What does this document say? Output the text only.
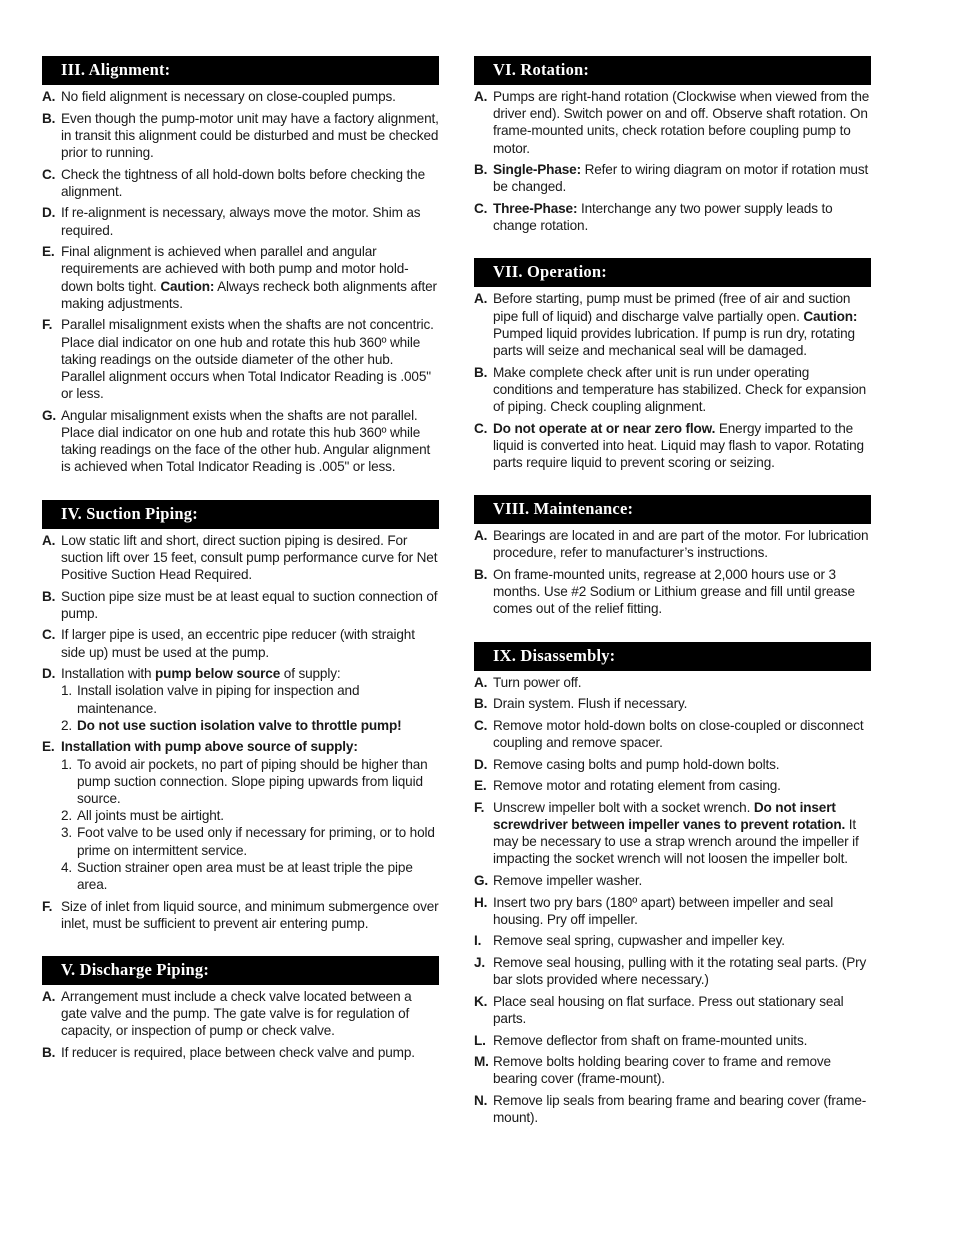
III. Alignment:
A. No field alignment is necessary on close-coupled pumps.
B. Even though the pump-motor unit may have a factory alignment, in transit this alignment could be disturbed and must be checked prior to running.
C. Check the tightness of all hold-down bolts before checking the alignment.
D. If re-alignment is necessary, always move the motor. Shim as required.
E. Final alignment is achieved when parallel and angular requirements are achieved with both pump and motor hold-down bolts tight. Caution: Always recheck both alignments after making adjustments.
F. Parallel misalignment exists when the shafts are not concentric. Place dial indicator on one hub and rotate this hub 360º while taking readings on the outside diameter of the other hub. Parallel alignment occurs when Total Indicator Reading is .005" or less.
G. Angular misalignment exists when the shafts are not parallel. Place dial indicator on one hub and rotate this hub 360º while taking readings on the face of the other hub. Angular alignment is achieved when Total Indicator Reading is .005" or less.
IV. Suction Piping:
A. Low static lift and short, direct suction piping is desired. For suction lift over 15 feet, consult pump performance curve for Net Positive Suction Head Required.
B. Suction pipe size must be at least equal to suction connection of pump.
C. If larger pipe is used, an eccentric pipe reducer (with straight side up) must be used at the pump.
D. Installation with pump below source of supply:
1. Install isolation valve in piping for inspection and maintenance.
2. Do not use suction isolation valve to throttle pump!
E. Installation with pump above source of supply:
1. To avoid air pockets, no part of piping should be higher than pump suction connection. Slope piping upwards from liquid source.
2. All joints must be airtight.
3. Foot valve to be used only if necessary for priming, or to hold prime on intermittent service.
4. Suction strainer open area must be at least triple the pipe area.
F. Size of inlet from liquid source, and minimum submergence over inlet, must be sufficient to prevent air entering pump.
V. Discharge Piping:
A. Arrangement must include a check valve located between a gate valve and the pump. The gate valve is for regulation of capacity, or inspection of pump or check valve.
B. If reducer is required, place between check valve and pump.
VI. Rotation:
A. Pumps are right-hand rotation (Clockwise when viewed from the driver end). Switch power on and off. Observe shaft rotation. On frame-mounted units, check rotation before coupling pump to motor.
B. Single-Phase: Refer to wiring diagram on motor if rotation must be changed.
C. Three-Phase: Interchange any two power supply leads to change rotation.
VII. Operation:
A. Before starting, pump must be primed (free of air and suction pipe full of liquid) and discharge valve partially open. Caution: Pumped liquid provides lubrication. If pump is run dry, rotating parts will seize and mechanical seal will be damaged.
B. Make complete check after unit is run under operating conditions and temperature has stabilized. Check for expansion of piping. Check coupling alignment.
C. Do not operate at or near zero flow. Energy imparted to the liquid is converted into heat. Liquid may flash to vapor. Rotating parts require liquid to prevent scoring or seizing.
VIII. Maintenance:
A. Bearings are located in and are part of the motor. For lubrication procedure, refer to manufacturer’s instructions.
B. On frame-mounted units, regrease at 2,000 hours use or 3 months. Use #2 Sodium or Lithium grease and fill until grease comes out of the relief fitting.
IX. Disassembly:
A. Turn power off.
B. Drain system. Flush if necessary.
C. Remove motor hold-down bolts on close-coupled or disconnect coupling and remove spacer.
D. Remove casing bolts and pump hold-down bolts.
E. Remove motor and rotating element from casing.
F. Unscrew impeller bolt with a socket wrench. Do not insert screwdriver between impeller vanes to prevent rotation. It may be necessary to use a strap wrench around the impeller if impacting the socket wrench will not loosen the impeller bolt.
G. Remove impeller washer.
H. Insert two pry bars (180º apart) between impeller and seal housing. Pry off impeller.
I. Remove seal spring, cupwasher and impeller key.
J. Remove seal housing, pulling with it the rotating seal parts. (Pry bar slots provided where necessary.)
K. Place seal housing on flat surface. Press out stationary seal parts.
L. Remove deflector from shaft on frame-mounted units.
M. Remove bolts holding bearing cover to frame and remove bearing cover (frame-mount).
N. Remove lip seals from bearing frame and bearing cover (frame-mount).
